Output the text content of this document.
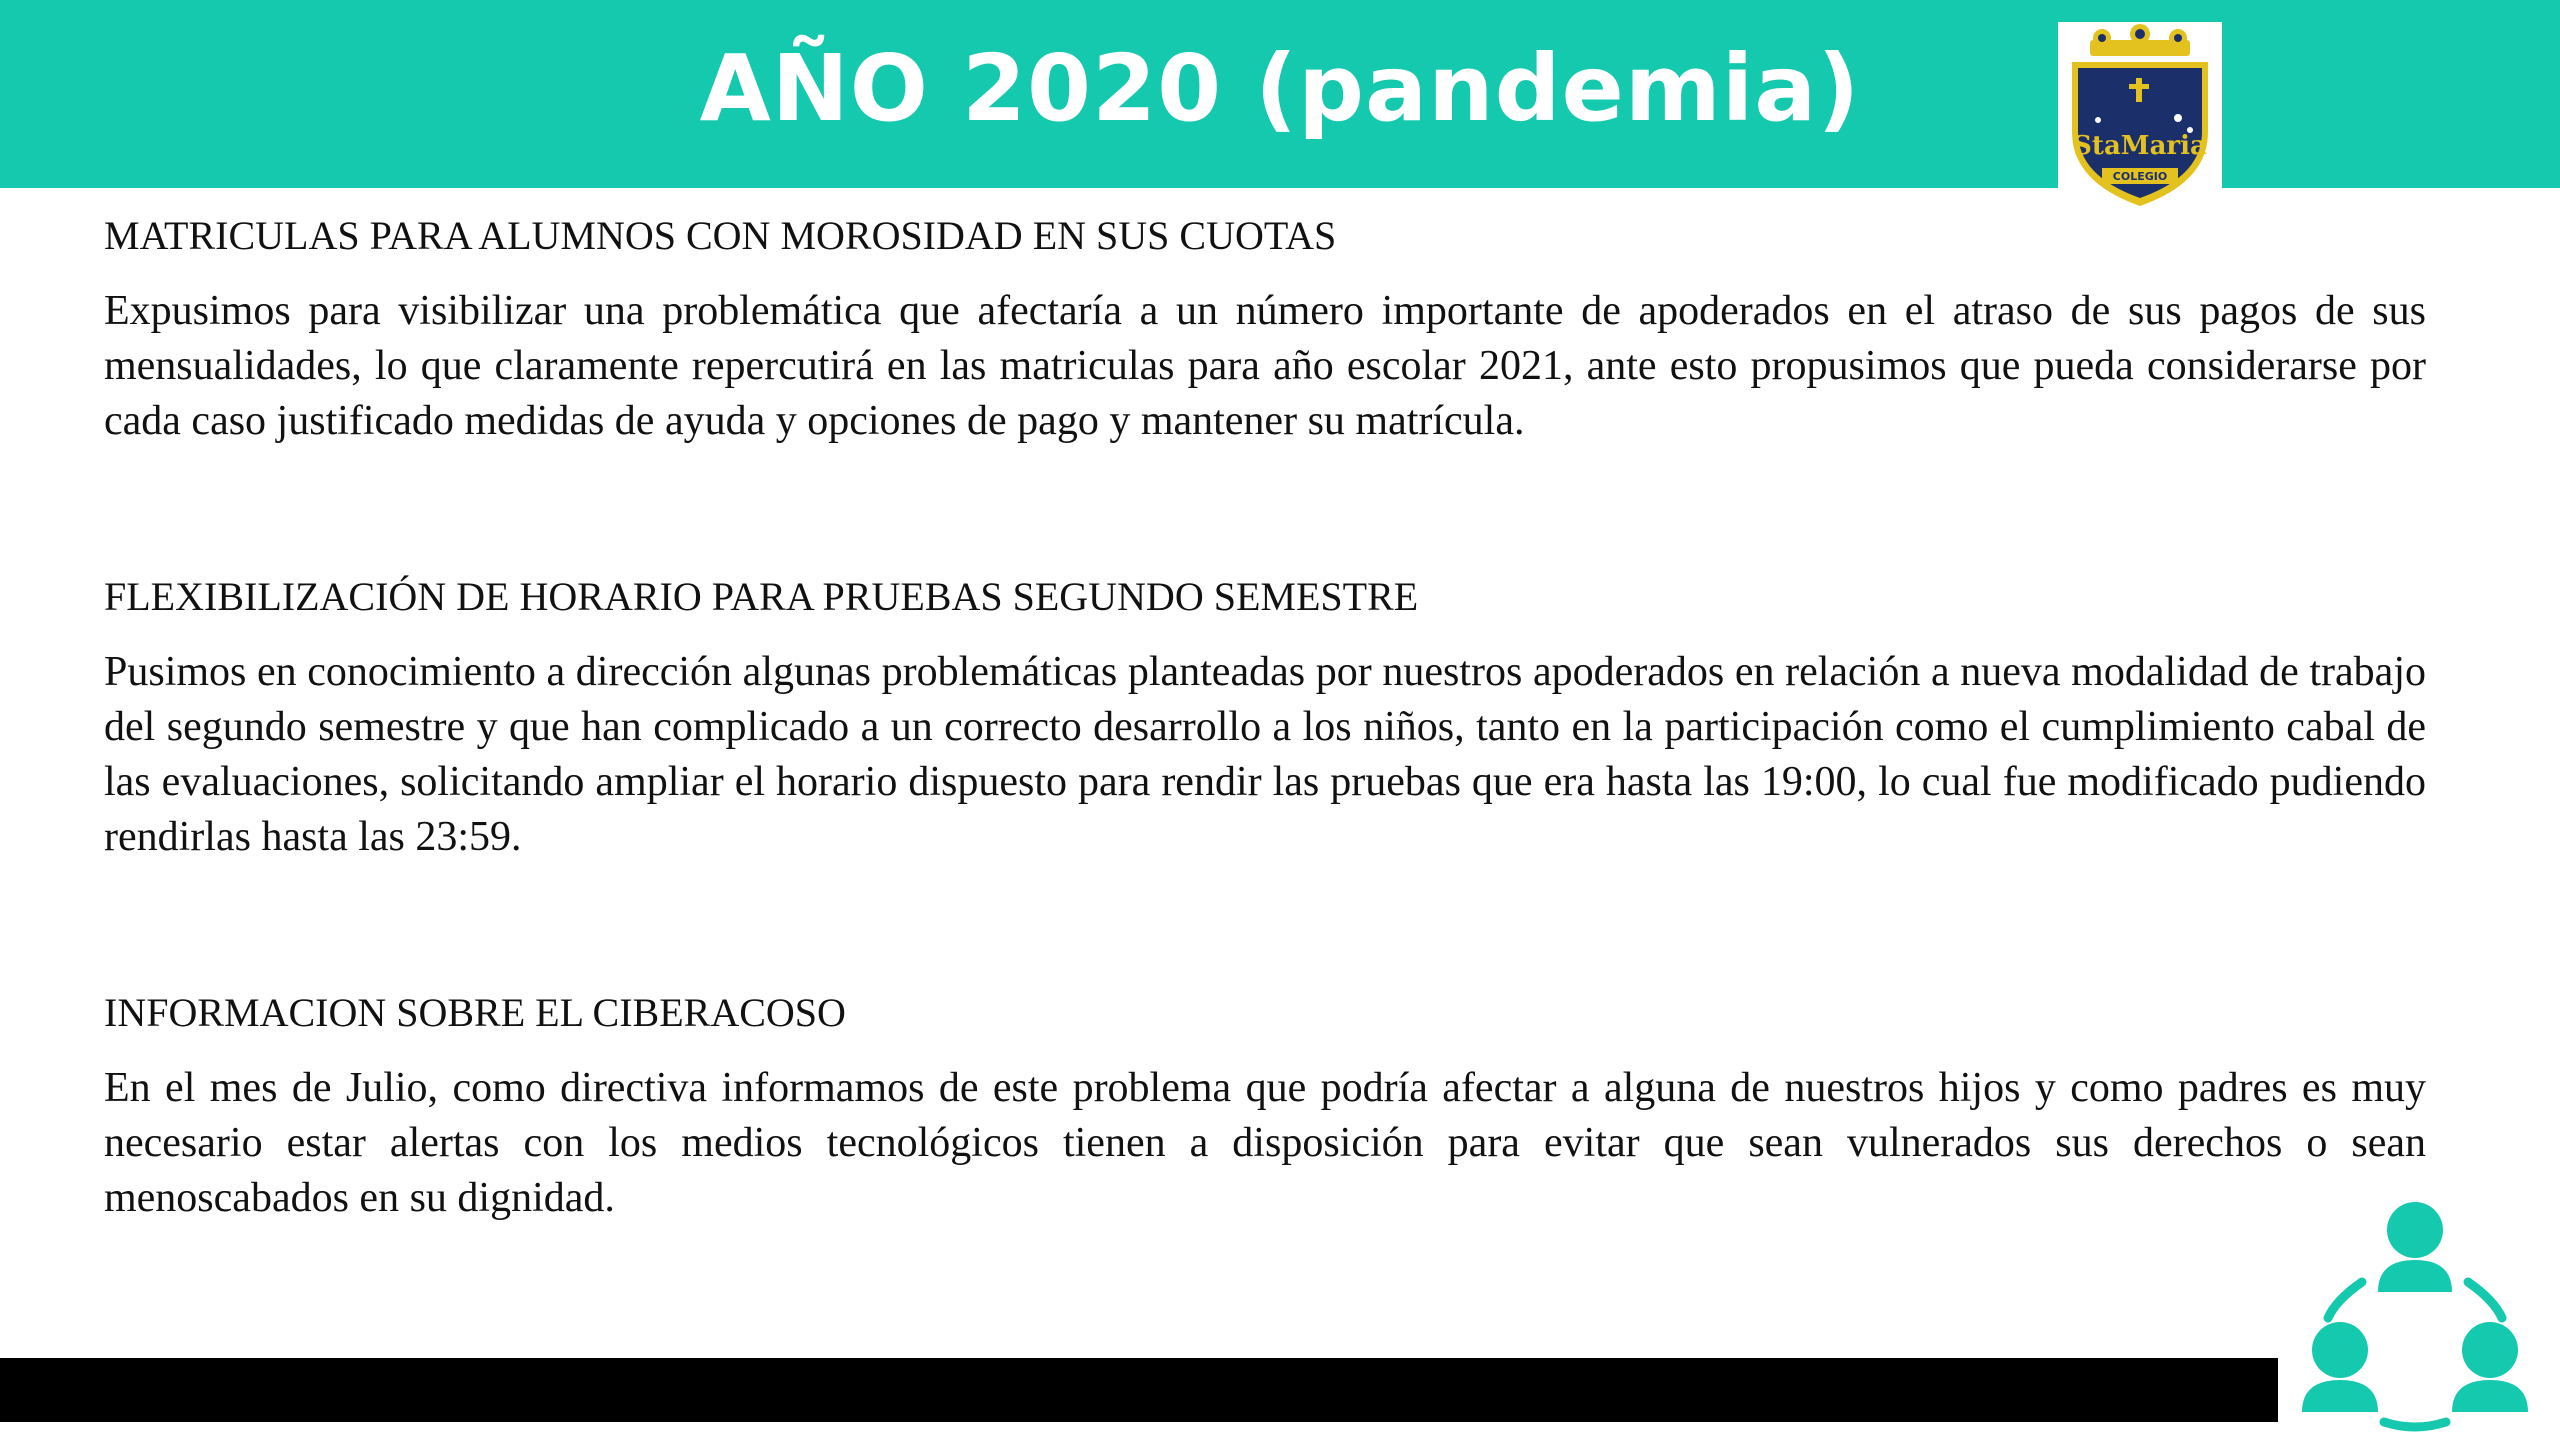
AÑO 2020 (pandemia)
StaMaria
COLEGIO
MATRICULAS PARA ALUMNOS CON MOROSIDAD EN SUS CUOTAS

Expusimos para visibilizar una problemática que afectaría a un número importante de apoderados en el atraso de sus pagos de sus mensualidades, lo que claramente repercutirá en las matriculas para año escolar 2021, ante esto propusimos que pueda considerarse por cada caso justificado medidas de ayuda y opciones de pago y mantener su matrícula.

FLEXIBILIZACIÓN DE HORARIO PARA PRUEBAS SEGUNDO SEMESTRE

Pusimos en conocimiento a dirección algunas problemáticas planteadas por nuestros apoderados en relación a nueva modalidad de trabajo del segundo semestre y que han complicado a un correcto desarrollo a los niños, tanto en la participación como el cumplimiento cabal de las evaluaciones, solicitando ampliar el horario dispuesto para rendir las pruebas que era hasta las 19:00, lo cual fue modificado pudiendo rendirlas hasta las 23:59.

INFORMACION SOBRE EL CIBERACOSO

En el mes de Julio, como directiva informamos de este problema que podría afectar a alguna de nuestros hijos y como padres es muy necesario estar alertas con los medios tecnológicos tienen a disposición para evitar que sean vulnerados sus derechos o sean menoscabados en su dignidad.
